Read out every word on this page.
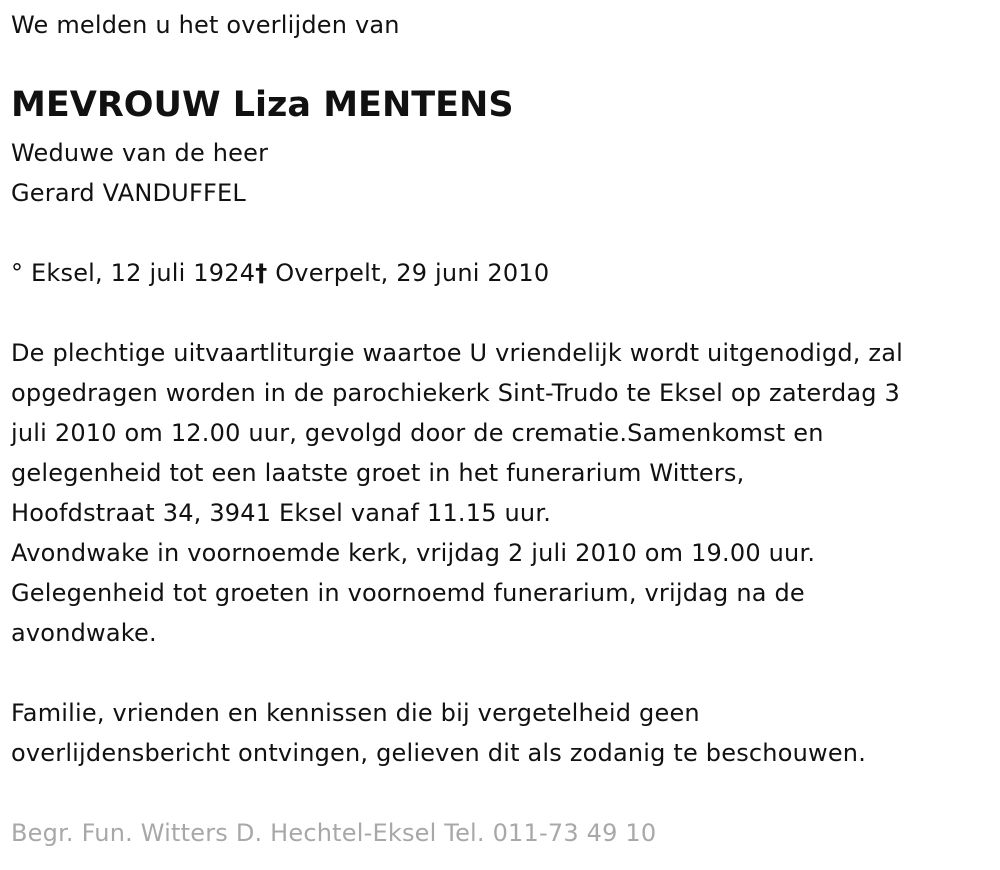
We melden u het overlijden van
MEVROUW Liza MENTENS
Weduwe van de heer
Gerard VANDUFFEL
° Eksel, 12 juli 1924† Overpelt, 29 juni 2010
De plechtige uitvaartliturgie waartoe U vriendelijk wordt uitgenodigd, zal
opgedragen worden in de parochiekerk Sint-Trudo te Eksel op zaterdag 3
juli 2010 om 12.00 uur, gevolgd door de crematie.Samenkomst en
gelegenheid tot een laatste groet in het funerarium Witters,
Hoofdstraat 34, 3941 Eksel vanaf 11.15 uur.
Avondwake in voornoemde kerk, vrijdag 2 juli 2010 om 19.00 uur.
Gelegenheid tot groeten in voornoemd funerarium, vrijdag na de
avondwake.
Familie, vrienden en kennissen die bij vergetelheid geen
overlijdensbericht ontvingen, gelieven dit als zodanig te beschouwen.
Begr. Fun. Witters D. Hechtel-Eksel Tel. 011-73 49 10
